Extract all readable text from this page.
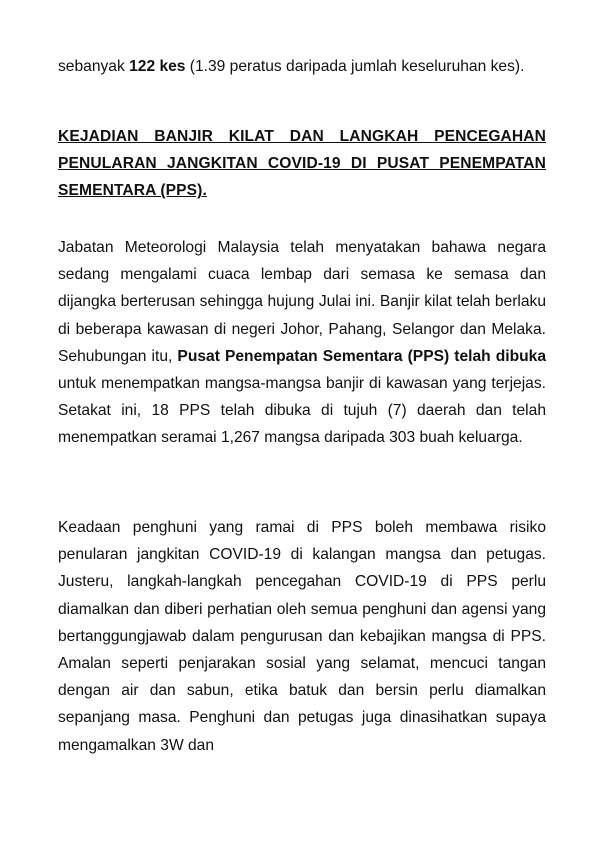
sebanyak 122 kes (1.39 peratus daripada jumlah keseluruhan kes).

KEJADIAN BANJIR KILAT DAN LANGKAH PENCEGAHAN PENULARAN JANGKITAN COVID-19 DI PUSAT PENEMPATAN SEMENTARA (PPS).

Jabatan Meteorologi Malaysia telah menyatakan bahawa negara sedang mengalami cuaca lembap dari semasa ke semasa dan dijangka berterusan sehingga hujung Julai ini. Banjir kilat telah berlaku di beberapa kawasan di negeri Johor, Pahang, Selangor dan Melaka. Sehubungan itu, Pusat Penempatan Sementara (PPS) telah dibuka untuk menempatkan mangsa-mangsa banjir di kawasan yang terjejas. Setakat ini, 18 PPS telah dibuka di tujuh (7) daerah dan telah menempatkan seramai 1,267 mangsa daripada 303 buah keluarga.

Keadaan penghuni yang ramai di PPS boleh membawa risiko penularan jangkitan COVID-19 di kalangan mangsa dan petugas. Justeru, langkah-langkah pencegahan COVID-19 di PPS perlu diamalkan dan diberi perhatian oleh semua penghuni dan agensi yang bertanggungjawab dalam pengurusan dan kebajikan mangsa di PPS. Amalan seperti penjarakan sosial yang selamat, mencuci tangan dengan air dan sabun, etika batuk dan bersin perlu diamalkan sepanjang masa. Penghuni dan petugas juga dinasihatkan supaya mengamalkan 3W dan
